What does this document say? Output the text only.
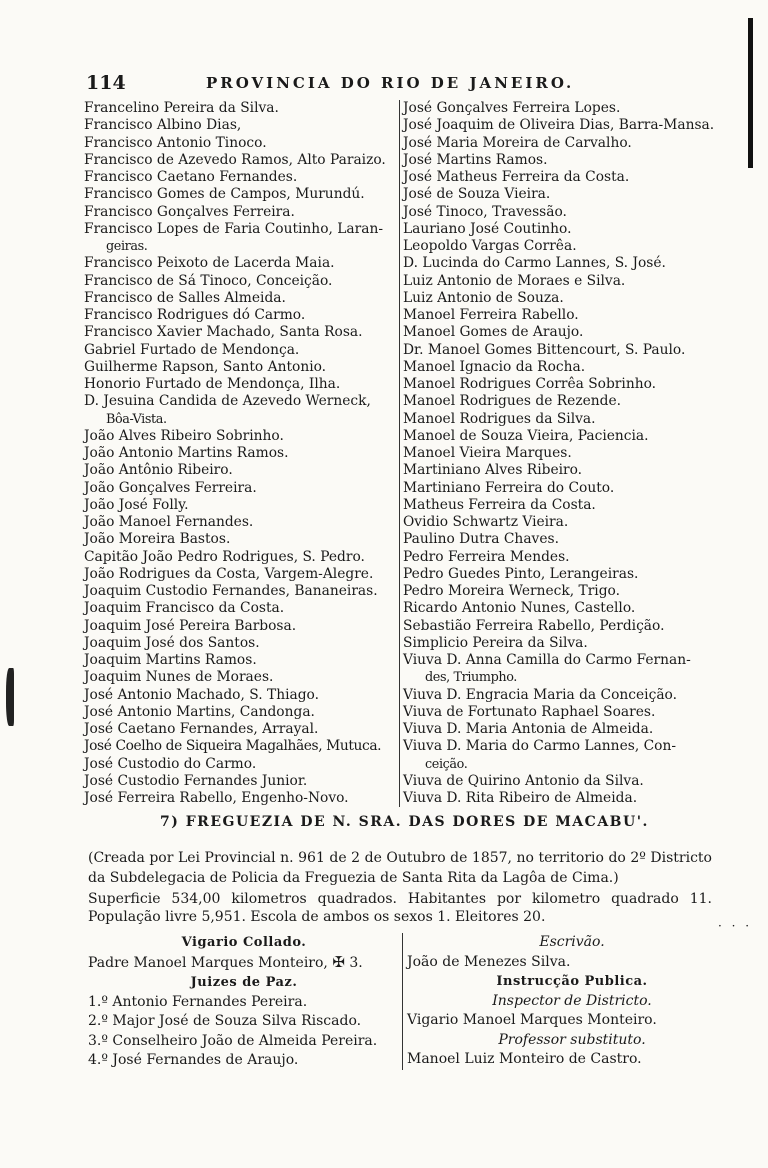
114	PROVINCIA DO RIO DE JANEIRO.
Francelino Pereira da Silva.
Francisco Albino Dias,
Francisco Antonio Tinoco.
Francisco de Azevedo Ramos, Alto Paraizo.
Francisco Caetano Fernandes.
Francisco Gomes de Campos, Murundú.
Francisco Gonçalves Ferreira.
Francisco Lopes de Faria Coutinho, Laran-
geiras.
Francisco Peixoto de Lacerda Maia.
Francisco de Sá Tinoco, Conceição.
Francisco de Salles Almeida.
Francisco Rodrigues dó Carmo.
Francisco Xavier Machado, Santa Rosa.
Gabriel Furtado de Mendonça.
Guilherme Rapson, Santo Antonio.
Honorio Furtado de Mendonça, Ilha.
D. Jesuina Candida de Azevedo Werneck,
Bôa-Vista.
João Alves Ribeiro Sobrinho.
João Antonio Martins Ramos.
João Antônio Ribeiro.
João Gonçalves Ferreira.
João José Folly.
João Manoel Fernandes.
João Moreira Bastos.
Capitão João Pedro Rodrigues, S. Pedro.
João Rodrigues da Costa, Vargem-Alegre.
Joaquim Custodio Fernandes, Bananeiras.
Joaquim Francisco da Costa.
Joaquim José Pereira Barbosa.
Joaquim José dos Santos.
Joaquim Martins Ramos.
Joaquim Nunes de Moraes.
José Antonio Machado, S. Thiago.
José Antonio Martins, Candonga.
José Caetano Fernandes, Arrayal.
José Coelho de Siqueira Magalhães, Mutuca.
José Custodio do Carmo.
José Custodio Fernandes Junior.
José Ferreira Rabello, Engenho-Novo.
José Gonçalves Ferreira Lopes.
José Joaquim de Oliveira Dias, Barra-Mansa.
José Maria Moreira de Carvalho.
José Martins Ramos.
José Matheus Ferreira da Costa.
José de Souza Vieira.
José Tinoco, Travessão.
Lauriano José Coutinho.
Leopoldo Vargas Corrêa.
D. Lucinda do Carmo Lannes, S. José.
Luiz Antonio de Moraes e Silva.
Luiz Antonio de Souza.
Manoel Ferreira Rabello.
Manoel Gomes de Araujo.
Dr. Manoel Gomes Bittencourt, S. Paulo.
Manoel Ignacio da Rocha.
Manoel Rodrigues Corrêa Sobrinho.
Manoel Rodrigues de Rezende.
Manoel Rodrigues da Silva.
Manoel de Souza Vieira, Paciencia.
Manoel Vieira Marques.
Martiniano Alves Ribeiro.
Martiniano Ferreira do Couto.
Matheus Ferreira da Costa.
Ovidio Schwartz Vieira.
Paulino Dutra Chaves.
Pedro Ferreira Mendes.
Pedro Guedes Pinto, Lerangeiras.
Pedro Moreira Werneck, Trigo.
Ricardo Antonio Nunes, Castello.
Sebastião Ferreira Rabello, Perdição.
Simplicio Pereira da Silva.
Viuva D. Anna Camilla do Carmo Fernan-
des, Triumpho.
Viuva D. Engracia Maria da Conceição.
Viuva de Fortunato Raphael Soares.
Viuva D. Maria Antonia de Almeida.
Viuva D. Maria do Carmo Lannes, Con-
ceição.
Viuva de Quirino Antonio da Silva.
Viuva D. Rita Ribeiro de Almeida.
7) FREGUEZIA DE N. SRA. DAS DORES DE MACABU'.
(Creada por Lei Provincial n. 961 de 2 de Outubro de 1857, no territorio do 2º Districto da Subdelegacia de Policia da Freguezia de Santa Rita da Lagôa de Cima.)
Superficie 534,00 kilometros quadrados. Habitantes por kilometro quadrado 11. População livre 5,951. Escola de ambos os sexos 1. Eleitores 20.
· · ·
Vigario Collado.
Padre Manoel Marques Monteiro, ✠ 3.
Juizes de Paz.
1.º Antonio Fernandes Pereira.
2.º Major José de Souza Silva Riscado.
3.º Conselheiro João de Almeida Pereira.
4.º José Fernandes de Araujo.
Escrivão.
João de Menezes Silva.
Instrucção Publica.
Inspector de Districto.
Vigario Manoel Marques Monteiro.
Professor substituto.
Manoel Luiz Monteiro de Castro.
